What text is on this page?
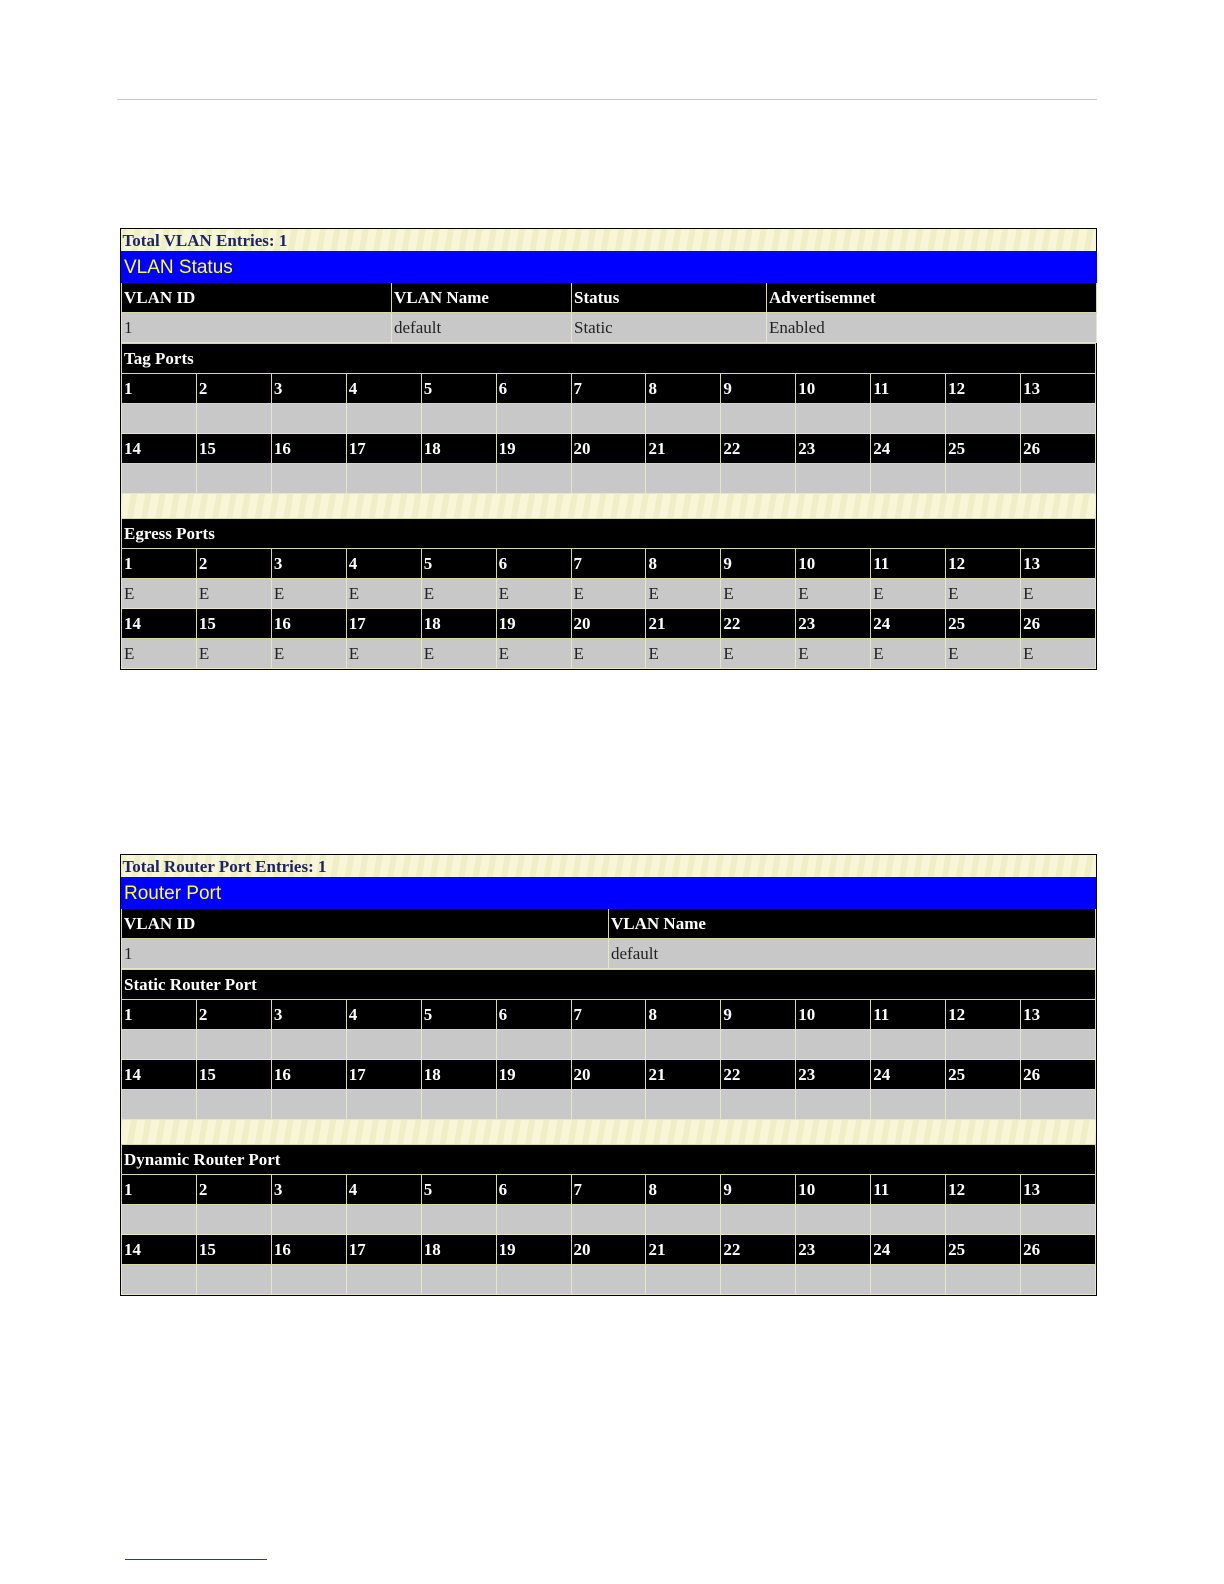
Total VLAN Entries: 1			
VLAN Status			
VLAN ID	VLAN Name	Status	Advertisemnet
1	default	Static	Enabled
Tag Ports												
1	2	3	4	5	6	7	8	9	10	11	12	13

14	15	16	17	18	19	20	21	22	23	24	25	26

Egress Ports												
1	2	3	4	5	6	7	8	9	10	11	12	13
E	E	E	E	E	E	E	E	E	E	E	E	E
14	15	16	17	18	19	20	21	22	23	24	25	26
E	E	E	E	E	E	E	E	E	E	E	E	E
Total Router Port Entries: 1	
Router Port	
VLAN ID	VLAN Name
1	default
Static Router Port												
1	2	3	4	5	6	7	8	9	10	11	12	13

14	15	16	17	18	19	20	21	22	23	24	25	26

Dynamic Router Port												
1	2	3	4	5	6	7	8	9	10	11	12	13

14	15	16	17	18	19	20	21	22	23	24	25	26
